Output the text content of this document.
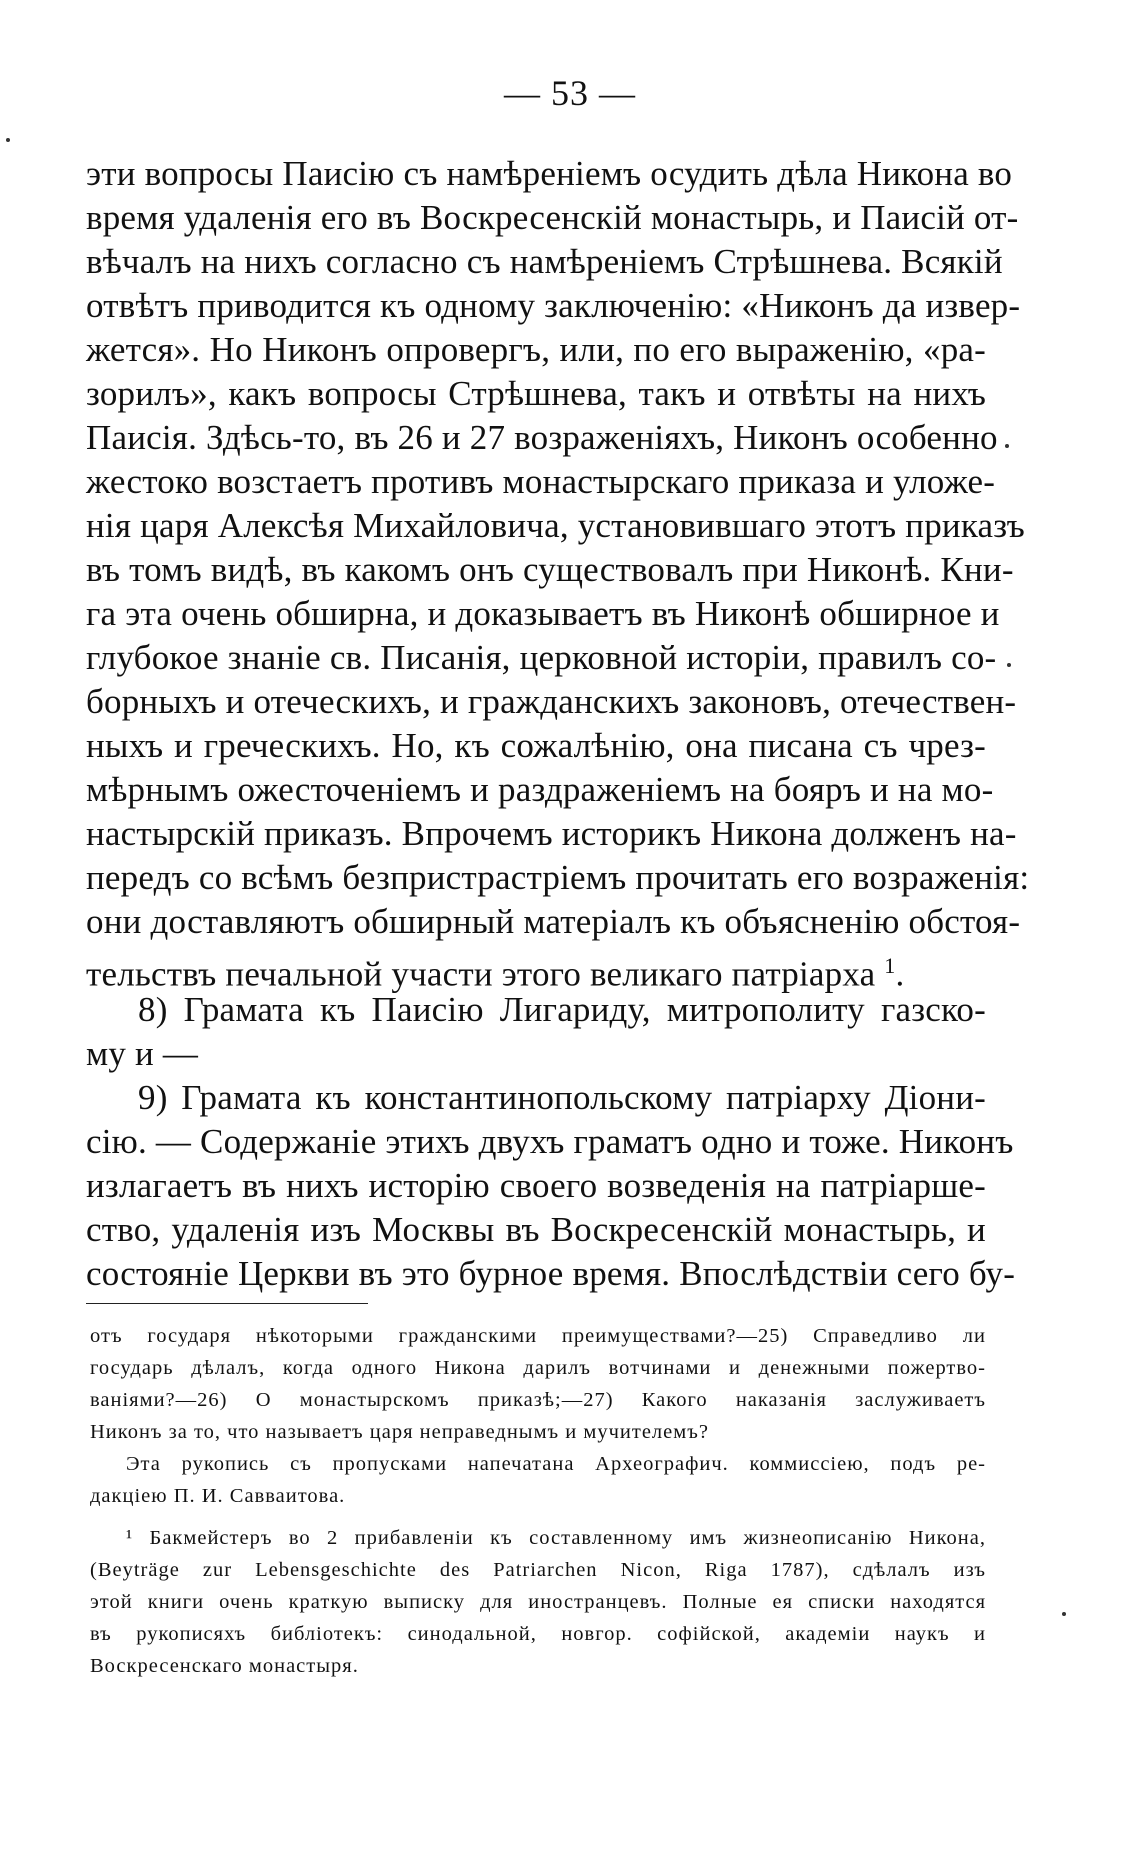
— 53 —
эти вопросы Паисію съ намѣреніемъ осудить дѣла Никона во
время удаленія его въ Воскресенскій монастырь, и Паисій от-
вѣчалъ на нихъ согласно съ намѣреніемъ Стрѣшнева. Всякій
отвѣтъ приводится къ одному заключенію: «Никонъ да извер-
жется». Но Никонъ опровергъ, или, по его выраженію, «ра-
зорилъ», какъ вопросы Стрѣшнева, такъ и отвѣты на нихъ
Паисія. Здѣсь-то, въ 26 и 27 возраженіяхъ, Никонъ особенно
жестоко возстаетъ противъ монастырскаго приказа и уложе-
нія царя Алексѣя Михайловича, установившаго этотъ приказъ
въ томъ видѣ, въ какомъ онъ существовалъ при Никонѣ. Кни-
га эта очень обширна, и доказываетъ въ Никонѣ обширное и
глубокое знаніе св. Писанія, церковной исторіи, правилъ со-
борныхъ и отеческихъ, и гражданскихъ законовъ, отечествен-
ныхъ и греческихъ. Но, къ сожалѣнію, она писана съ чрез-
мѣрнымъ ожесточеніемъ и раздраженіемъ на бояръ и на мо-
настырскій приказъ. Впрочемъ историкъ Никона долженъ на-
передъ со всѣмъ безпристрастріемъ прочитать его возраженія:
они доставляютъ обширный матеріалъ къ объясненію обстоя-
тельствъ печальной участи этого великаго патріарха $^1$.
8) Грамата къ Паисію Лигариду, митрополиту газско-
му и —
9) Грамата къ константинопольскому патріарху Діони-
сію. — Содержаніе этихъ двухъ граматъ одно и тоже. Никонъ
излагаетъ въ нихъ исторію своего возведенія на патріарше-
ство, удаленія изъ Москвы въ Воскресенскій монастырь, и
состояніе Церкви въ это бурное время. Впослѣдствіи сего бу-
отъ государя нѣкоторыми гражданскими преимуществами?—25) Справедливо ли
государь дѣлалъ, когда одного Никона дарилъ вотчинами и денежными пожертво-
ваніями?—26) О монастырскомъ приказѣ;—27) Какого наказанія заслуживаетъ
Никонъ за то, что называетъ царя неправеднымъ и мучителемъ?
Эта рукопись съ пропусками напечатана Археографич. коммиссіею, подъ ре-
дакціею П. И. Савваитова.
¹ Бакмейстеръ во 2 прибавленіи къ составленному имъ жизнеописанію Никона,
(Beyträge zur Lebensgeschichte des Patriarchen Nicon, Riga 1787), сдѣлалъ изъ
этой книги очень краткую выписку для иностранцевъ. Полные ея списки находятся
въ рукописяхъ библіотекъ: синодальной, новгор. софійской, академіи наукъ и
Воскресенскаго монастыря.
